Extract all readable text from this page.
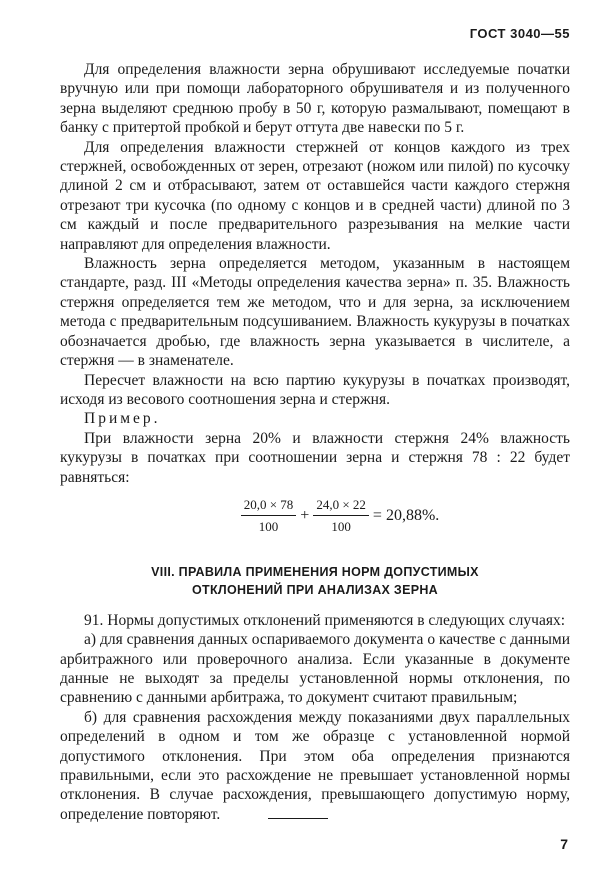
ГОСТ 3040—55

Для определения влажности зерна обрушивают исследуемые початки вручную или при помощи лабораторного обрушивателя и из полученного зерна выделяют среднюю пробу в 50 г, которую размалывают, помещают в банку с притертой пробкой и берут оттута две навески по 5 г.

Для определения влажности стержней от концов каждого из трех стержней, освобожденных от зерен, отрезают (ножом или пилой) по кусочку длиной 2 см и отбрасывают, затем от оставшейся части каждого стержня отрезают три кусочка (по одному с концов и в средней части) длиной по 3 см каждый и после предварительного разрезывания на мелкие части направляют для определения влажности.

Влажность зерна определяется методом, указанным в настоящем стандарте, разд. III «Методы определения качества зерна» п. 35. Влажность стержня определяется тем же методом, что и для зерна, за исключением метода с предварительным подсушиванием. Влажность кукурузы в початках обозначается дробью, где влажность зерна указывается в числителе, а стержня — в знаменателе.

Пересчет влажности на всю партию кукурузы в початках производят, исходя из весового соотношения зерна и стержня.

Пример.

При влажности зерна 20% и влажности стержня 24% влажность кукурузы в початках при соотношении зерна и стержня 78 : 22 будет равняться:

$\frac{20,0 \times 78}{100} + \frac{24,0 \times 22}{100} = 20,88\%$.
VIII. ПРАВИЛА ПРИМЕНЕНИЯ НОРМ ДОПУСТИМЫХ
ОТКЛОНЕНИЙ ПРИ АНАЛИЗАХ ЗЕРНА

91. Нормы допустимых отклонений применяются в следующих случаях:

а) для сравнения данных оспариваемого документа о качестве с данными арбитражного или проверочного анализа. Если указанные в документе данные не выходят за пределы установленной нормы отклонения, по сравнению с данными арбитража, то документ считают правильным;

б) для сравнения расхождения между показаниями двух параллельных определений в одном и том же образце с установленной нормой допустимого отклонения. При этом оба определения признаются правильными, если это расхождение не превышает установленной нормы отклонения. В случае расхождения, превышающего допустимую норму, определение повторяют.

7
